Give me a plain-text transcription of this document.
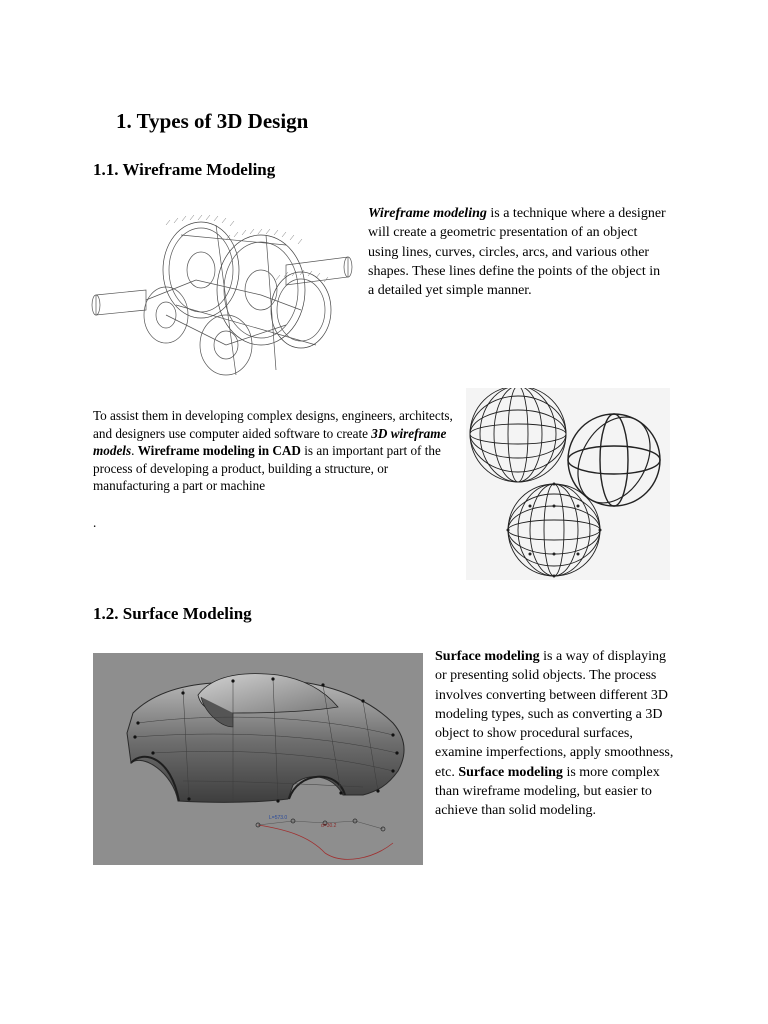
1. Types of 3D Design
1.1. Wireframe Modeling
Wireframe modeling is a technique where a designer will create a geometric presentation of an object using lines, curves, circles, arcs, and various other shapes. These lines define the points of the object in a detailed yet simple manner.
To assist them in developing complex designs, engineers, architects, and designers use computer aided software to create 3D wireframe models. Wireframe modeling in CAD is an important part of the process of developing a product, building a structure, or manufacturing a part or machine
.
1.2. Surface Modeling
L=573.0
d=30.2
Surface modeling is a way of displaying or presenting solid objects. The process involves converting between different 3D modeling types, such as converting a 3D object to show procedural surfaces, examine imperfections, apply smoothness, etc. Surface modeling is more complex than wireframe modeling, but easier to achieve than solid modeling.
